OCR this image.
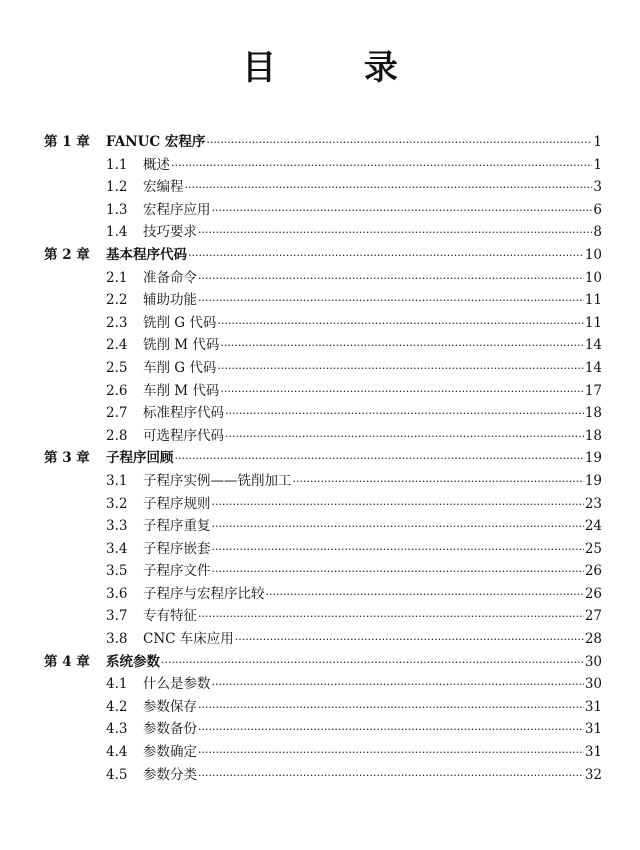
目 录
第 1 章 FANUC 宏程序 ·····	1
1.1 概述 ·····	1
1.2 宏编程 ·····	3
1.3 宏程序应用 ·····	6
1.4 技巧要求 ·····	8
第 2 章 基本程序代码 ·····	10
2.1 准备命令 ·····	10
2.2 辅助功能 ·····	11
2.3 铣削 G 代码 ·····	11
2.4 铣削 M 代码 ·····	14
2.5 车削 G 代码 ·····	14
2.6 车削 M 代码 ·····	17
2.7 标准程序代码 ·····	18
2.8 可选程序代码 ·····	18
第 3 章 子程序回顾 ·····	19
3.1 子程序实例——铣削加工 ·····	19
3.2 子程序规则 ·····	23
3.3 子程序重复 ·····	24
3.4 子程序嵌套 ·····	25
3.5 子程序文件 ·····	26
3.6 子程序与宏程序比较 ·····	26
3.7 专有特征 ·····	27
3.8 CNC 车床应用 ·····	28
第 4 章 系统参数 ·····	30
4.1 什么是参数 ·····	30
4.2 参数保存 ·····	31
4.3 参数备份 ·····	31
4.4 参数确定 ·····	31
4.5 参数分类 ·····	32
